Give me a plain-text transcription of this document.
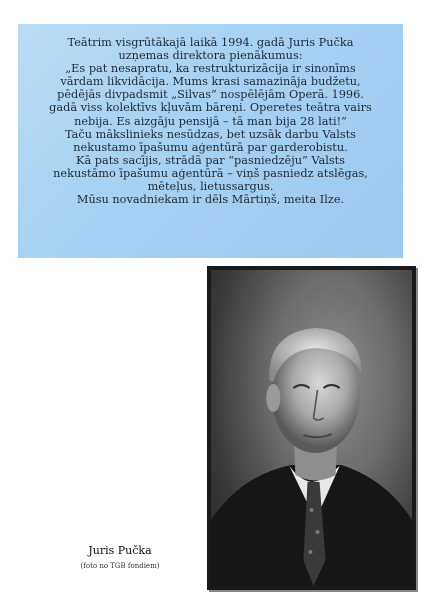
Teātrim visgrūtākajā laikā 1994. gadā Juris Pučka

uzņemas direktora pienākumus:

„Es pat nesapratu, ka restrukturizācija ir sinonīms

vārdam likvidācija. Mums krasi samazināja budžetu,

pēdējās divpadsmit „Silvas” nospēlējām Operā. 1996.

gadā viss kolektīvs kļuvām bāreņi. Operetes teātra vairs

nebija. Es aizgāju pensijā – tā man bija 28 lati!”

Taču mākslinieks nesūdzas, bet uzsāk darbu Valsts

nekustamo īpašumu aģentūrā par garderobistu.

Kā pats sacījis, strādā par “pasniedzēju” Valsts

nekustāmo īpašumu aģentūrā – viņš pasniedz atslēgas,

mēteļus, lietussargus.

Mūsu novadniekam ir dēls Mārtiņš, meita Ilze.

Juris Pučka
(foto no TGB fondiem)
